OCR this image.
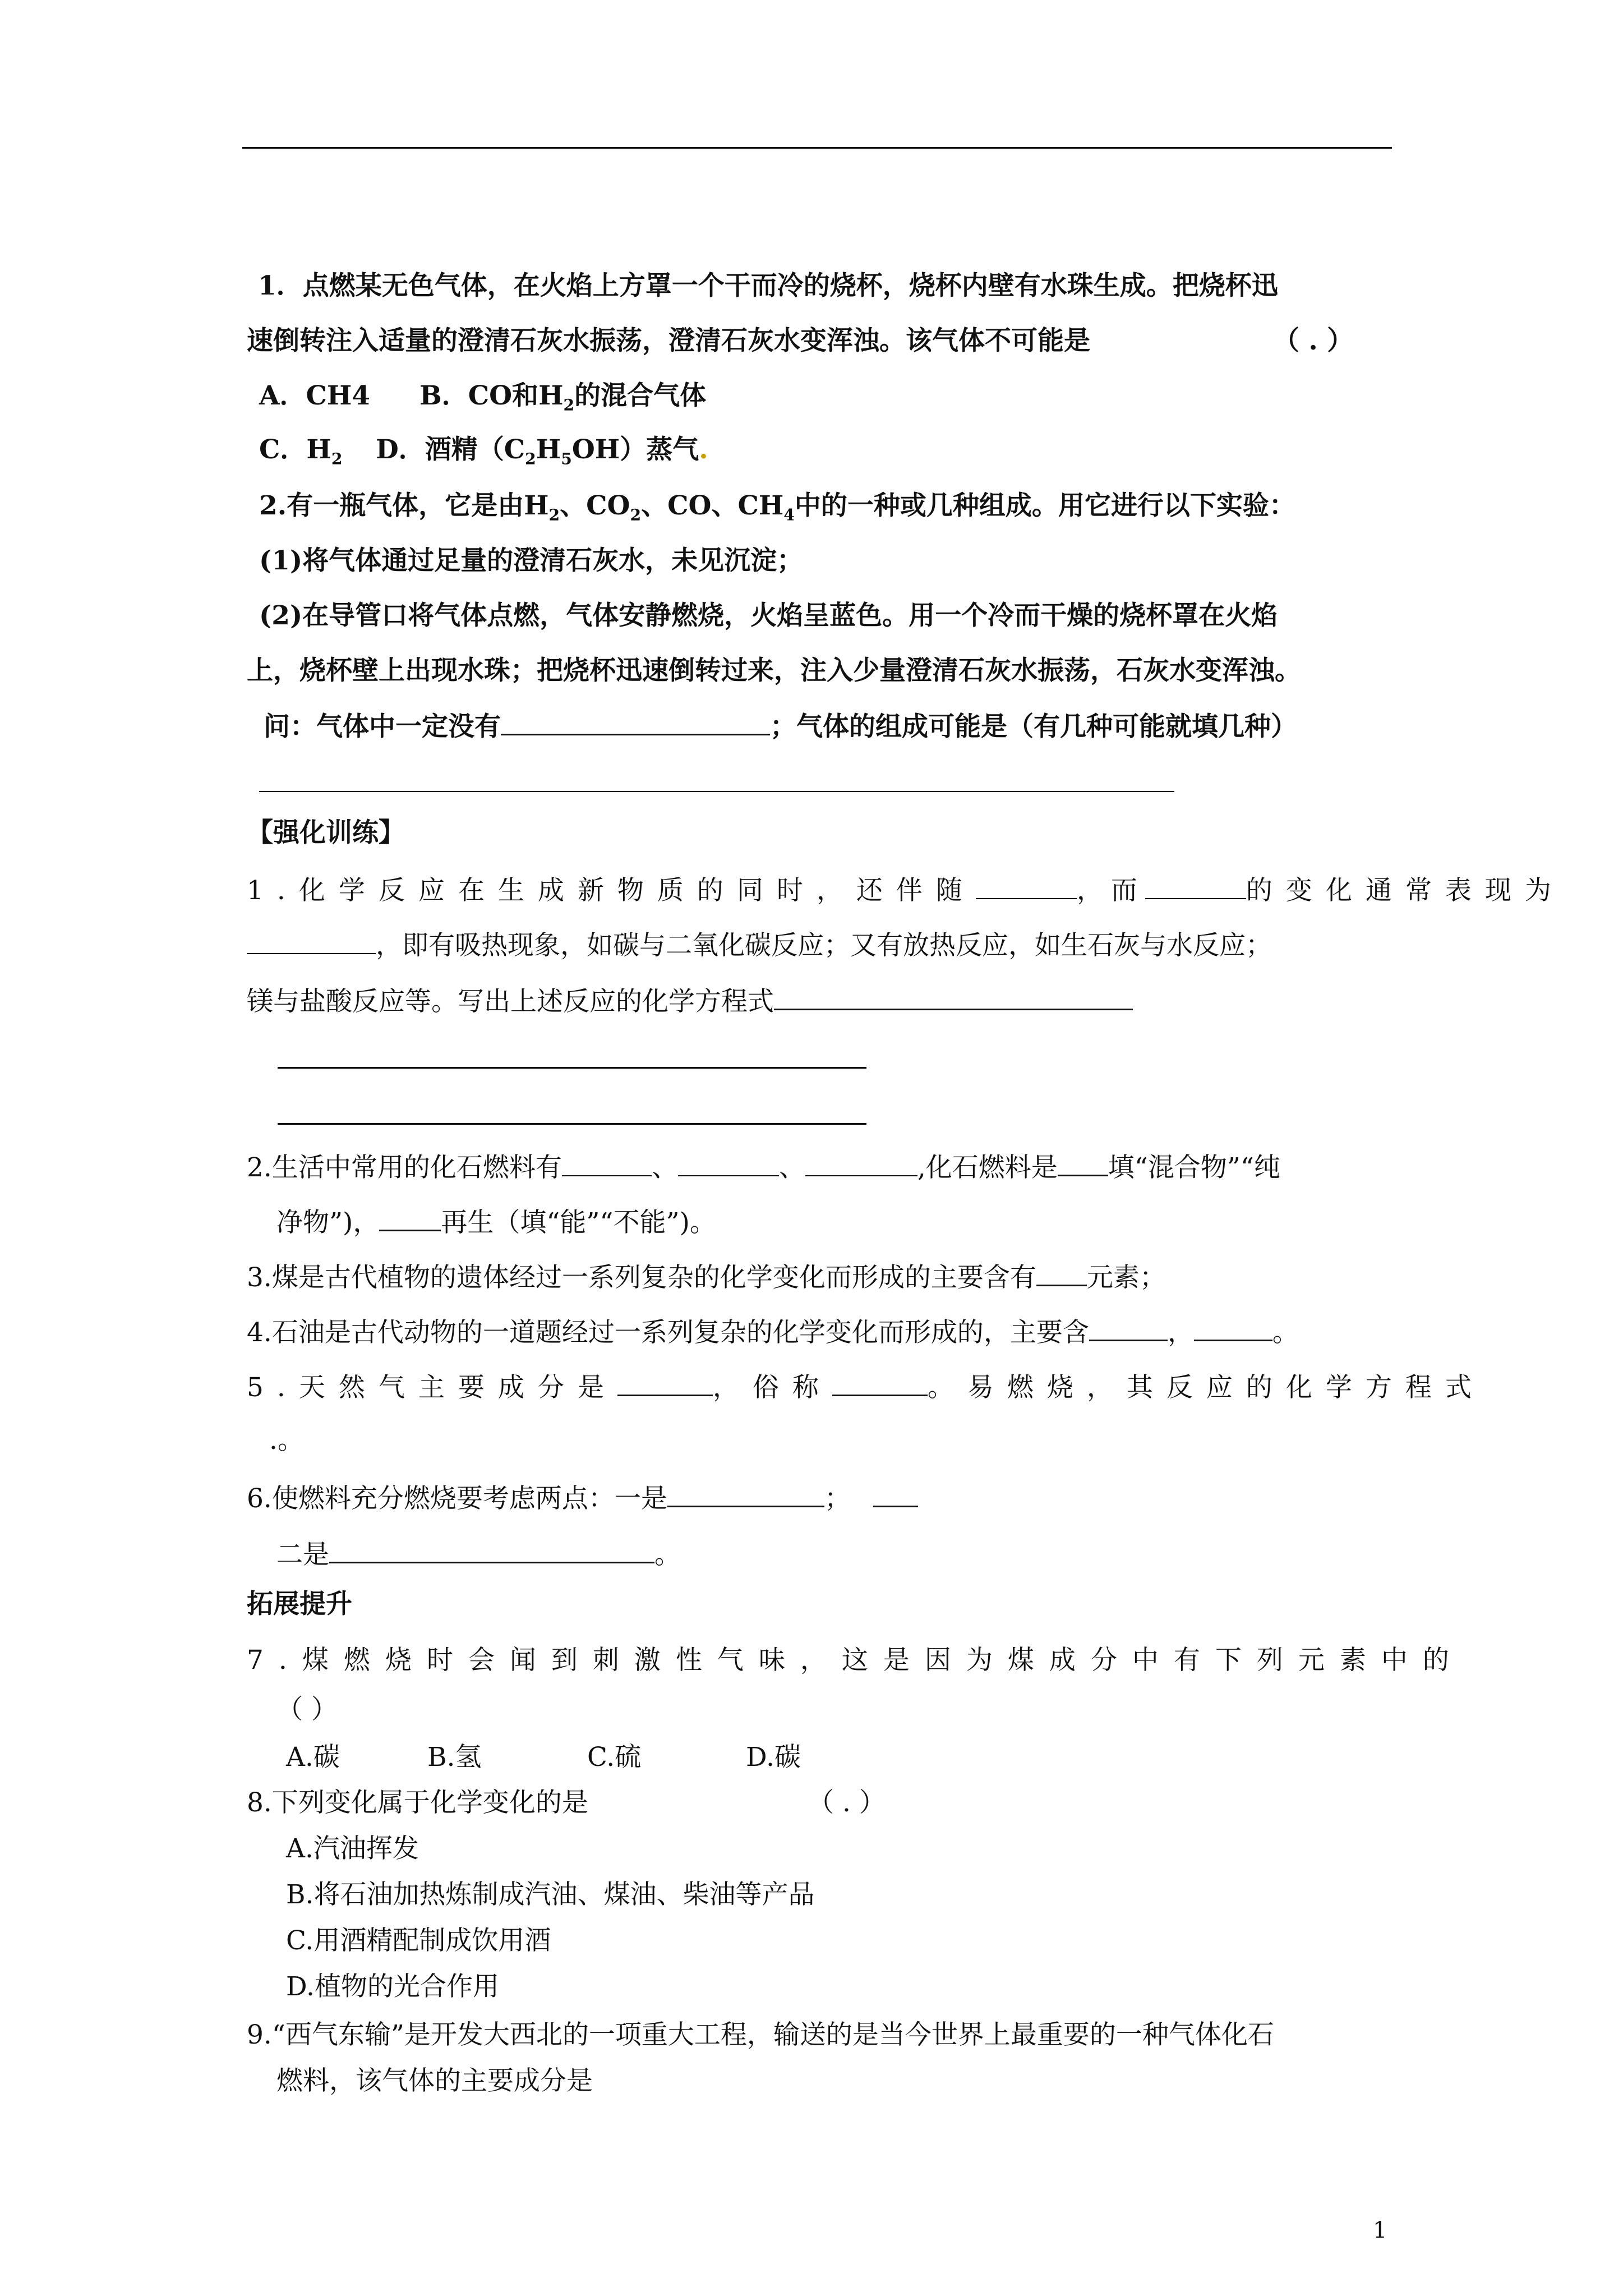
1．点燃某无色气体，在火焰上方罩一个干而冷的烧杯，烧杯内壁有水珠生成。把烧杯迅
速倒转注入适量的澄清石灰水振荡，澄清石灰水变浑浊。该气体不可能是	（ . ）
A．CH4 B．CO和$H_2$的混合气体
C．$H_2$ D．酒精$(C_2H_5OH)$蒸气.
2.有一瓶气体，它是由$H_2$、$CO_2$、CO、$CH_4$中的一种或几种组成。用它进行以下实验：
(1)将气体通过足量的澄清石灰水，未见沉淀；
(2)在导管口将气体点燃，气体安静燃烧，火焰呈蓝色。用一个冷而干燥的烧杯罩在火焰
上，烧杯壁上出现水珠；把烧杯迅速倒转过来，注入少量澄清石灰水振荡，石灰水变浑浊。
问：气体中一定没有	；气体的组成可能是（有几种可能就填几种）
【强化训练】
1.化学反应在生成新物质的同时，还伴随	，而	的变化通常表现为
，即有吸热现象，如碳与二氧化碳反应；又有放热反应，如生石灰与水反应；
镁与盐酸反应等。写出上述反应的化学方程式
2.生活中常用的化石燃料有	、	、	,化石燃料是 填“混合物”“纯
净物”)， 再生（填“能”“不能”)。
3.煤是古代植物的遗体经过一系列复杂的化学变化而形成的主要含有 元素；
4.石油是古代动物的一道题经过一系列复杂的化学变化而形成的，主要含	，	。
5.天然气主要成分是	，俗称	。易燃烧，其反应的化学方程式
.。
6.使燃料充分燃烧要考虑两点：一是	；
二是	。
拓展提升
7.煤燃烧时会闻到刺激性气味，这是因为煤成分中有下列元素中的
（ ）
A.碳	B.氢	C.硫	D.碳
8.下列变化属于化学变化的是	（ . ）
A.汽油挥发
B.将石油加热炼制成汽油、煤油、柴油等产品
C.用酒精配制成饮用酒
D.植物的光合作用
9.“西气东输”是开发大西北的一项重大工程，输送的是当今世界上最重要的一种气体化石
燃料，该气体的主要成分是
1
